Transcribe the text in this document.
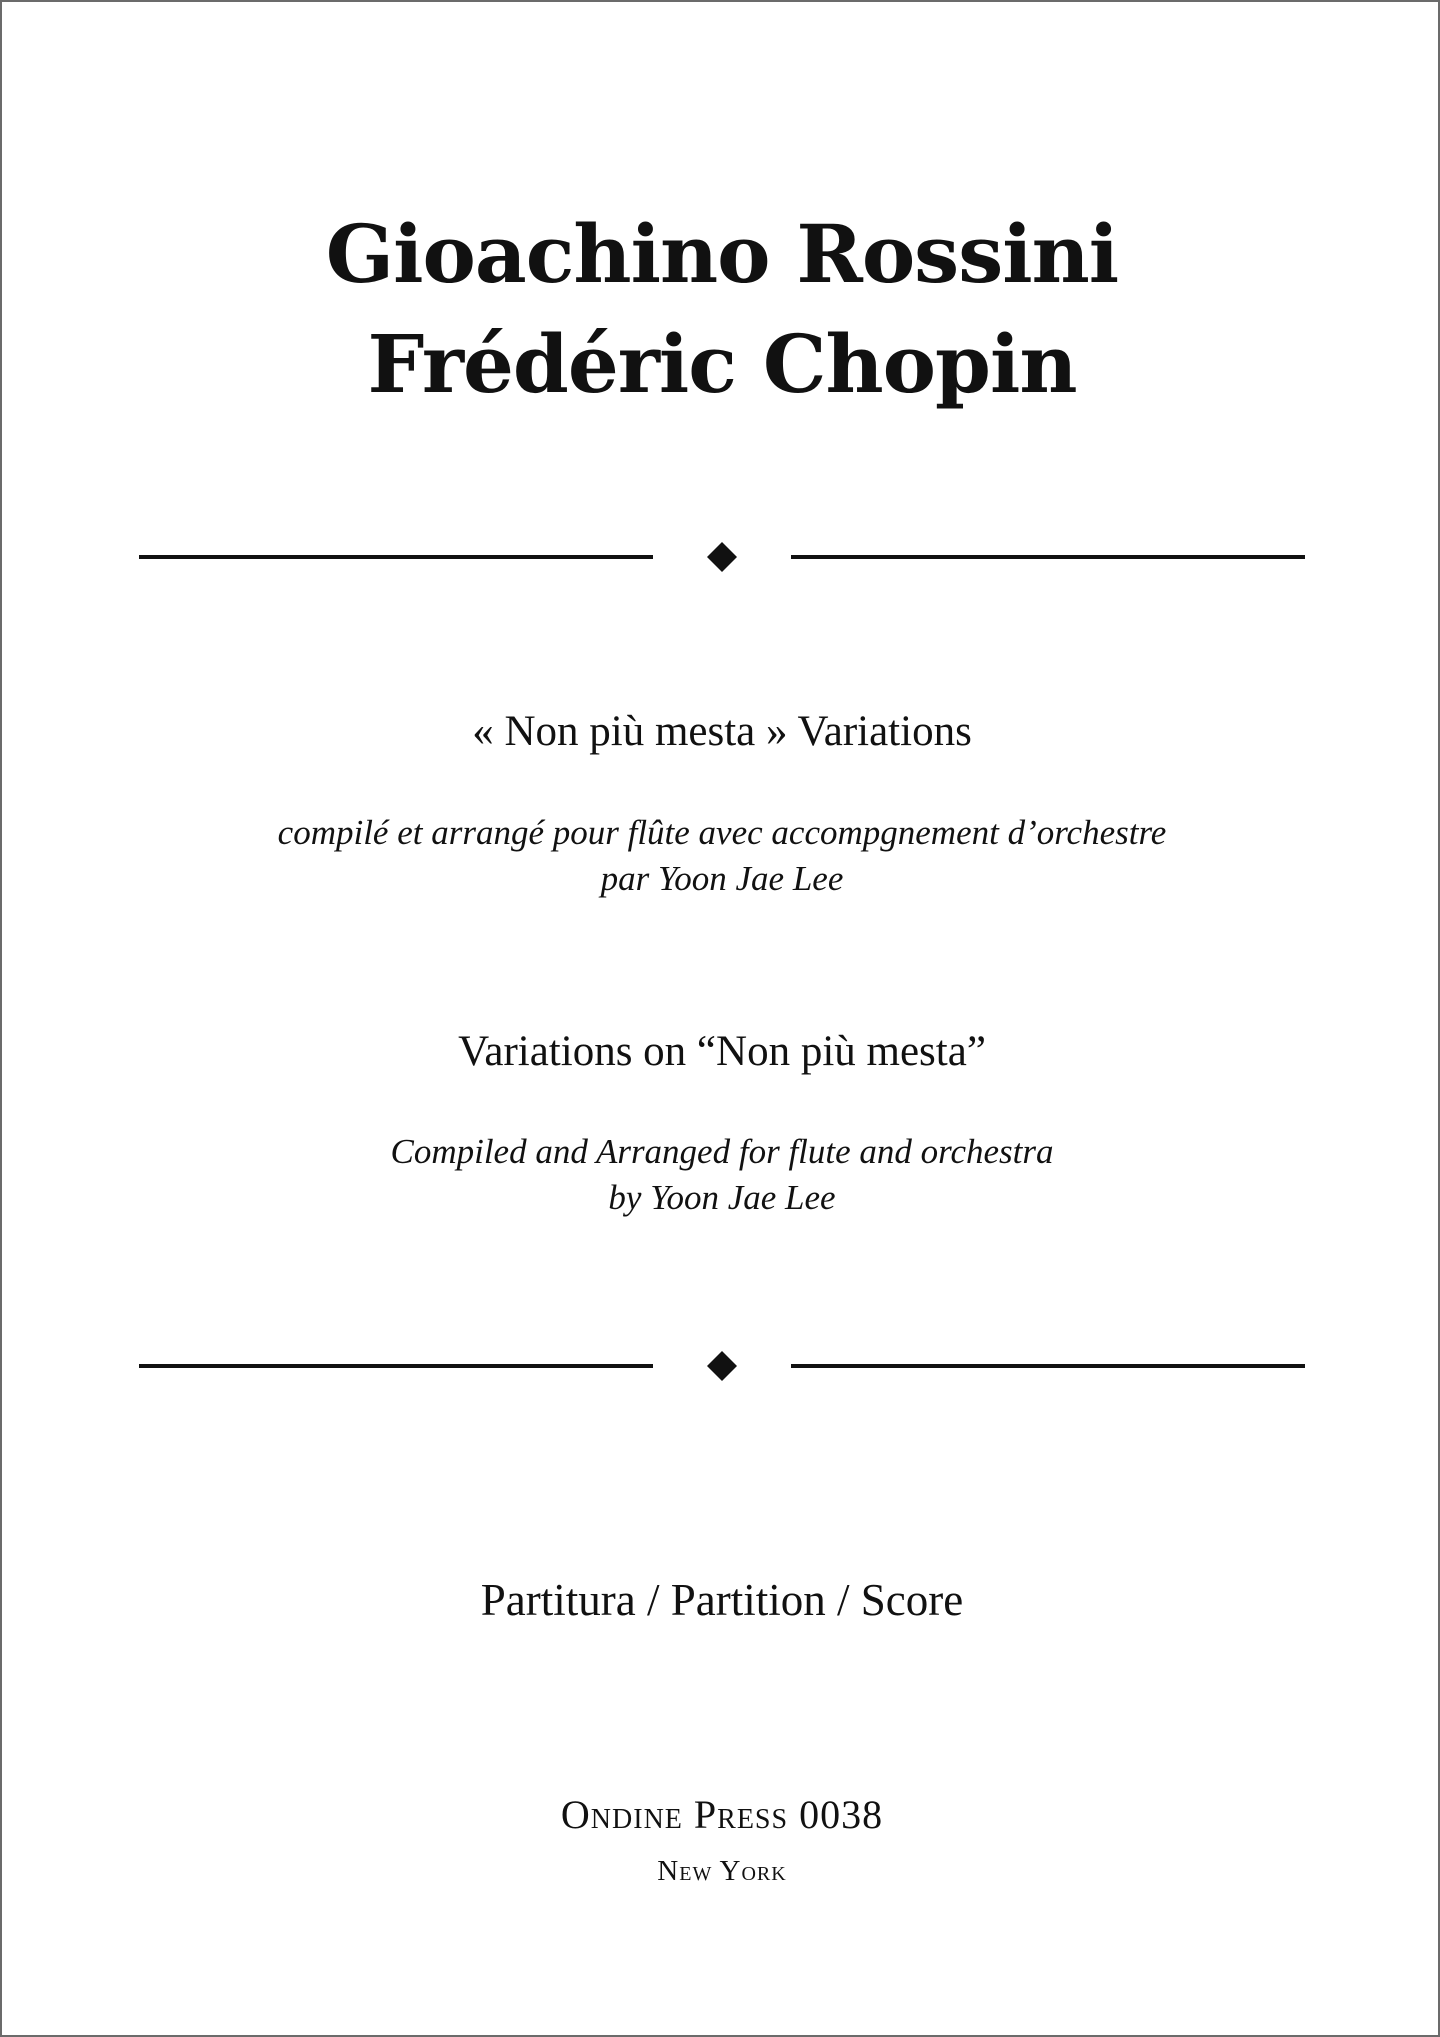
Gioachino Rossini
Frédéric Chopin
« Non più mesta » Variations
compilé et arrangé pour flûte avec accompgnement d’orchestre
par Yoon Jae Lee
Variations on “Non più mesta”
Compiled and Arranged for flute and orchestra
by Yoon Jae Lee
Partitura / Partition / Score
Ondine Press 0038
New York
